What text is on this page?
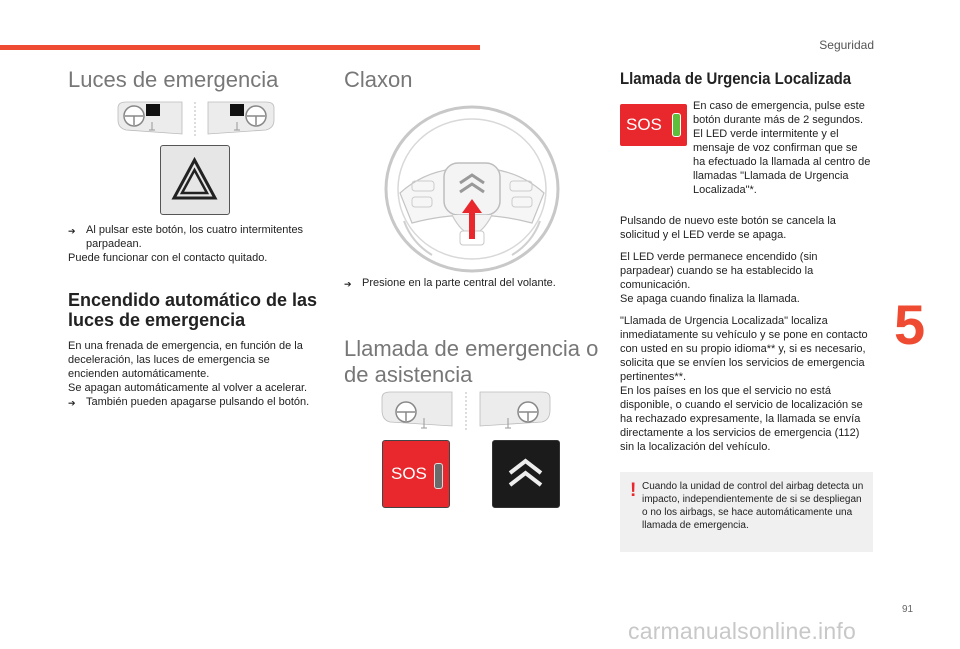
Seguridad
5
91
carmanualsonline.info
Luces de emergencia
➔ Al pulsar este botón, los cuatro intermitentes parpadean.

Puede funcionar con el contacto quitado.

Encendido automático de las luces de emergencia

En una frenada de emergencia, en función de la deceleración, las luces de emergencia se encienden automáticamente.

Se apagan automáticamente al volver a acelerar.

➔ También pueden apagarse pulsando el botón.
Claxon
➔ Presione en la parte central del volante.
Llamada de emergencia o de asistencia
SOS
Llamada de Urgencia Localizada
SOS

En caso de emergencia, pulse este botón durante más de 2 segundos.

El LED verde intermitente y el mensaje de voz confirman que se ha efectuado la llamada al centro de llamadas "Llamada de Urgencia Localizada"*.

Pulsando de nuevo este botón se cancela la solicitud y el LED verde se apaga.

El LED verde permanece encendido (sin parpadear) cuando se ha establecido la comunicación.

Se apaga cuando finaliza la llamada.

"Llamada de Urgencia Localizada" localiza inmediatamente su vehículo y se pone en contacto con usted en su propio idioma** y, si es necesario, solicita que se envíen los servicios de emergencia pertinentes**.

En los países en los que el servicio no está disponible, o cuando el servicio de localización se ha rechazado expresamente, la llamada se envía directamente a los servicios de emergencia (112) sin la localización del vehículo.

! Cuando la unidad de control del airbag detecta un impacto, independientemente de si se despliegan o no los airbags, se hace automáticamente una llamada de emergencia.
